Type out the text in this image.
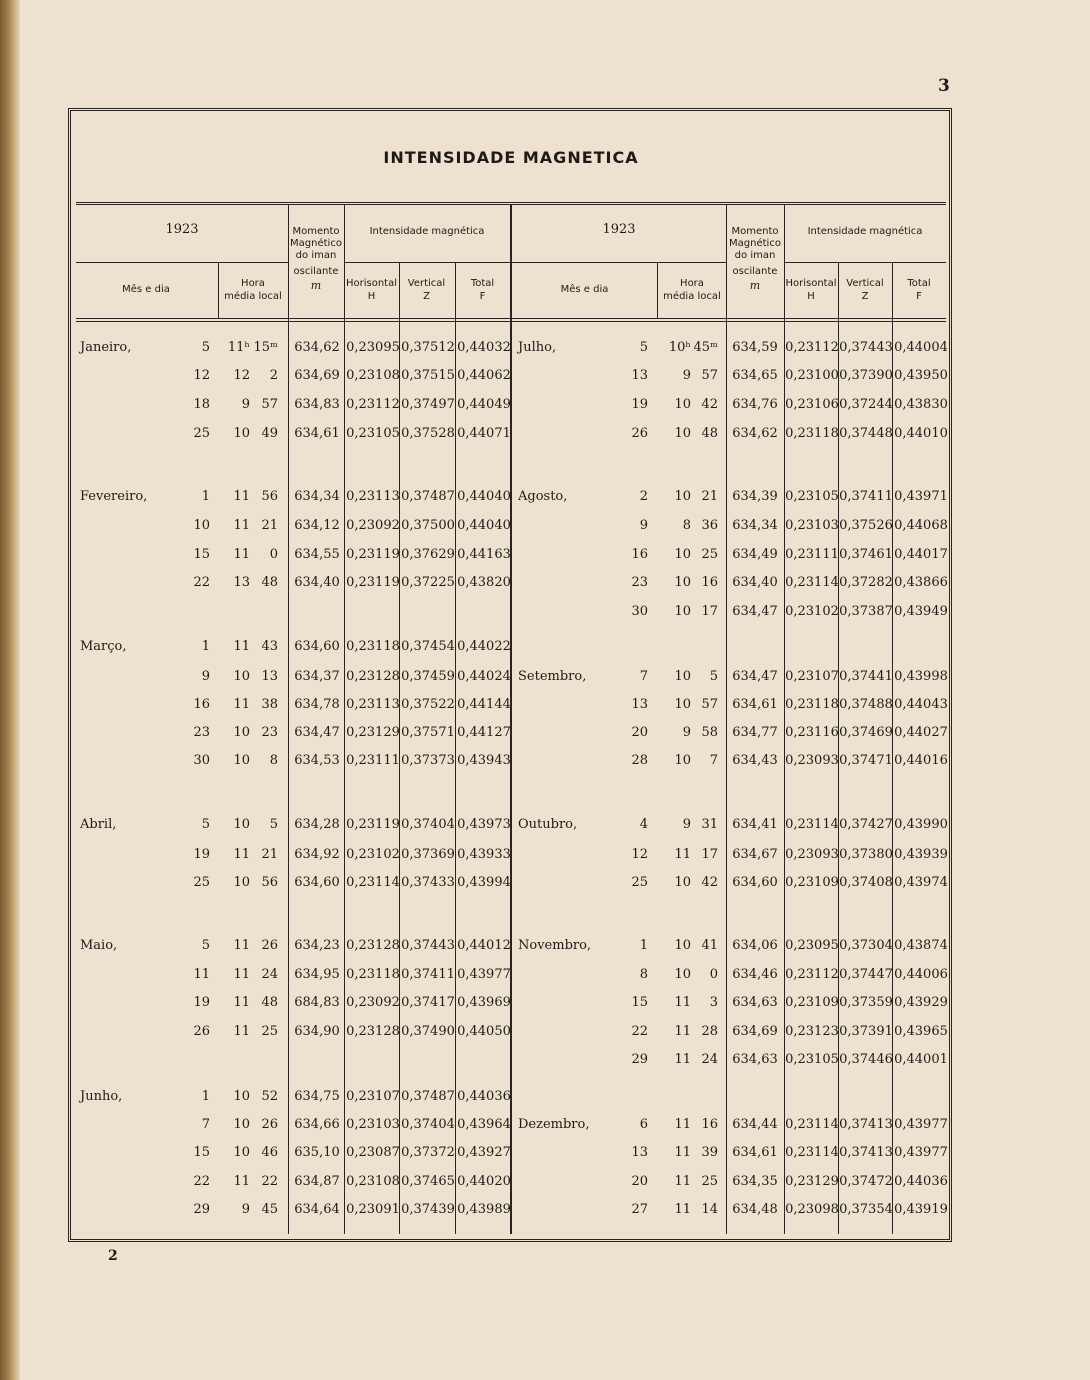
3
INTENSIDADE MAGNETICA
1923
Mês e dia
Hora
média local
Momento
Magnético
do iman
oscilante
m
Intensidade magnética
Horisontal
H
Vertical
Z
Total
F
1923
Mês e dia
Hora
média local
Momento
Magnético
do iman
oscilante
m
Intensidade magnética
Horisontal
H
Vertical
Z
Total
F
Janeiro,	5	11ʰ 15ᵐ	634,62 0,23095 0,37512 0,44032
12	12	2	634,69 0,23108 0,37515 0,44062
18	9 57	634,83 0,23112 0,37497 0,44049
25	10 49	634,61 0,23105 0,37528 0,44071
Fevereiro,	1	11 56	634,34 0,23113 0,37487 0,44040
10	11 21	634,12 0,23092 0,37500 0,44040
15	11	0	634,55 0,23119 0,37629 0,44163
22	13 48	634,40 0,23119 0,37225 0,43820
Março,	1	11 43	634,60 0,23118 0,37454 0,44022
9	10 13	634,37 0,23128 0,37459 0,44024
16	11 38	634,78 0,23113 0,37522 0,44144
23	10 23	634,47 0,23129 0,37571 0,44127
30	10	8	634,53 0,23111 0,37373 0,43943
Abril,	5	10	5	634,28 0,23119 0,37404 0,43973
19	11 21	634,92 0,23102 0,37369 0,43933
25	10 56	634,60 0,23114 0,37433 0,43994
Maio,	5	11 26	634,23 0,23128 0,37443 0,44012
11	11 24	634,95 0,23118 0,37411 0,43977
19	11 48	684,83 0,23092 0,37417 0,43969
26	11 25	634,90 0,23128 0,37490 0,44050
Junho,	1	10 52	634,75 0,23107 0,37487 0,44036
7	10 26	634,66 0,23103 0,37404 0,43964
15	10 46	635,10 0,23087 0,37372 0,43927
22	11 22	634,87 0,23108 0,37465 0,44020
29	9 45	634,64 0,23091 0,37439 0,43989
Julho,	5	10ʰ 45ᵐ	634,59 0,23112 0,37443 0,44004
13	9 57	634,65 0,23100 0,37390 0,43950
19	10 42	634,76 0,23106 0,37244 0,43830
26	10 48	634,62 0,23118 0,37448 0,44010
Agosto,	2	10 21	634,39 0,23105 0,37411 0,43971
9	8 36	634,34 0,23103 0,37526 0,44068
16	10 25	634,49 0,23111 0,37461 0,44017
23	10 16	634,40 0,23114 0,37282 0,43866
30	10 17	634,47 0,23102 0,37387 0,43949
Setembro,	7	10	5	634,47 0,23107 0,37441 0,43998
13	10 57	634,61 0,23118 0,37488 0,44043
20	9 58	634,77 0,23116 0,37469 0,44027
28	10	7	634,43 0,23093 0,37471 0,44016
Outubro,	4	9 31	634,41 0,23114 0,37427 0,43990
12	11 17	634,67 0,23093 0,37380 0,43939
25	10 42	634,60 0,23109 0,37408 0,43974
Novembro,	1	10 41	634,06 0,23095 0,37304 0,43874
8	10	0	634,46 0,23112 0,37447 0,44006
15	11	3	634,63 0,23109 0,37359 0,43929
22	11 28	634,69 0,23123 0,37391 0,43965
29	11 24	634,63 0,23105 0,37446 0,44001
Dezembro,	6	11 16	634,44 0,23114 0,37413 0,43977
13	11 39	634,61 0,23114 0,37413 0,43977
20	11 25	634,35 0,23129 0,37472 0,44036
27	11 14	634,48 0,23098 0,37354 0,43919
2
